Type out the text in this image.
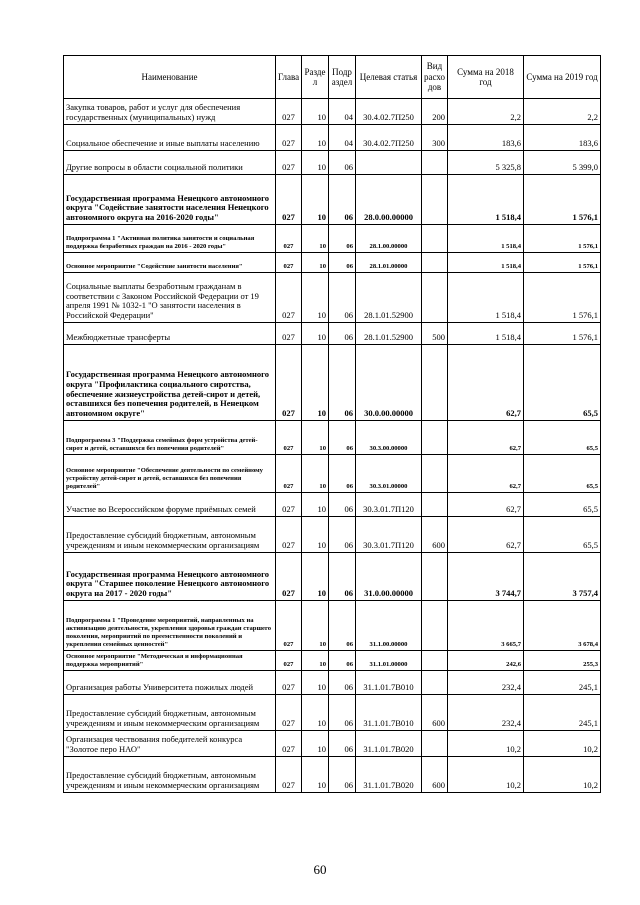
Наименование	Глава	Разде л	Подр аздел	Целевая статья	Вид расхо дов	Сумма на 2018 год	Сумма на 2019 год
Закупка товаров, работ и услуг для обеспечения государственных (муниципальных) нужд	027	10	04	30.4.02.7П250	200	2,2	2,2
Социальное обеспечение и иные выплаты населению	027	10	04	30.4.02.7П250	300	183,6	183,6
Другие вопросы в области социальной политики	027	10	06			5 325,8	5 399,0
Государственная программа Ненецкого автономного округа "Содействие занятости населения Ненецкого автономного округа на 2016-2020 годы"	027	10	06	28.0.00.00000		1 518,4	1 576,1
Подпрограмма 1 "Активная политика занятости и социальная поддержка безработных граждан на 2016 - 2020 годы"	027	10	06	28.1.00.00000		1 518,4	1 576,1
Основное мероприятие "Содействие занятости населения"	027	10	06	28.1.01.00000		1 518,4	1 576,1
Социальные выплаты безработным гражданам в соответствии с Законом Российской Федерации от 19 апреля 1991 № 1032-1 "О занятости населения в Российской Федерации"	027	10	06	28.1.01.52900		1 518,4	1 576,1
Межбюджетные трансферты	027	10	06	28.1.01.52900	500	1 518,4	1 576,1
Государственная программа Ненецкого автономного округа "Профилактика социального сиротства, обеспечение жизнеустройства детей-сирот и детей, оставшихся без попечения родителей, в Ненецком автономном округе"	027	10	06	30.0.00.00000		62,7	65,5
Подпрограмма 3 "Поддержка семейных форм устройства детей-сирот и детей, оставшихся без попечения родителей"	027	10	06	30.3.00.00000		62,7	65,5
Основное мероприятие "Обеспечение деятельности по семейному устройству детей-сирот и детей, оставшихся без попечения родителей"	027	10	06	30.3.01.00000		62,7	65,5
Участие во Всероссийском форуме приёмных семей	027	10	06	30.3.01.7П120		62,7	65,5
Предоставление субсидий бюджетным, автономным учреждениям и иным некоммерческим организациям	027	10	06	30.3.01.7П120	600	62,7	65,5
Государственная программа Ненецкого автономного округа "Старшее поколение Ненецкого автономного округа на 2017 - 2020 годы"	027	10	06	31.0.00.00000		3 744,7	3 757,4
Подпрограмма 1 "Проведение мероприятий, направленных на активизацию деятельности, укрепления здоровья граждан старшего поколения, мероприятий по преемственности поколений и укрепления семейных ценностей"	027	10	06	31.1.00.00000		3 665,7	3 678,4
Основное мероприятие "Методическая и информационная поддержка мероприятий"	027	10	06	31.1.01.00000		242,6	255,3
Организация работы Университета пожилых людей	027	10	06	31.1.01.7В010		232,4	245,1
Предоставление субсидий бюджетным, автономным учреждениям и иным некоммерческим организациям	027	10	06	31.1.01.7В010	600	232,4	245,1
Организация чествования победителей конкурса "Золотое перо НАО"	027	10	06	31.1.01.7В020		10,2	10,2
Предоставление субсидий бюджетным, автономным учреждениям и иным некоммерческим организациям	027	10	06	31.1.01.7В020	600	10,2	10,2
60
